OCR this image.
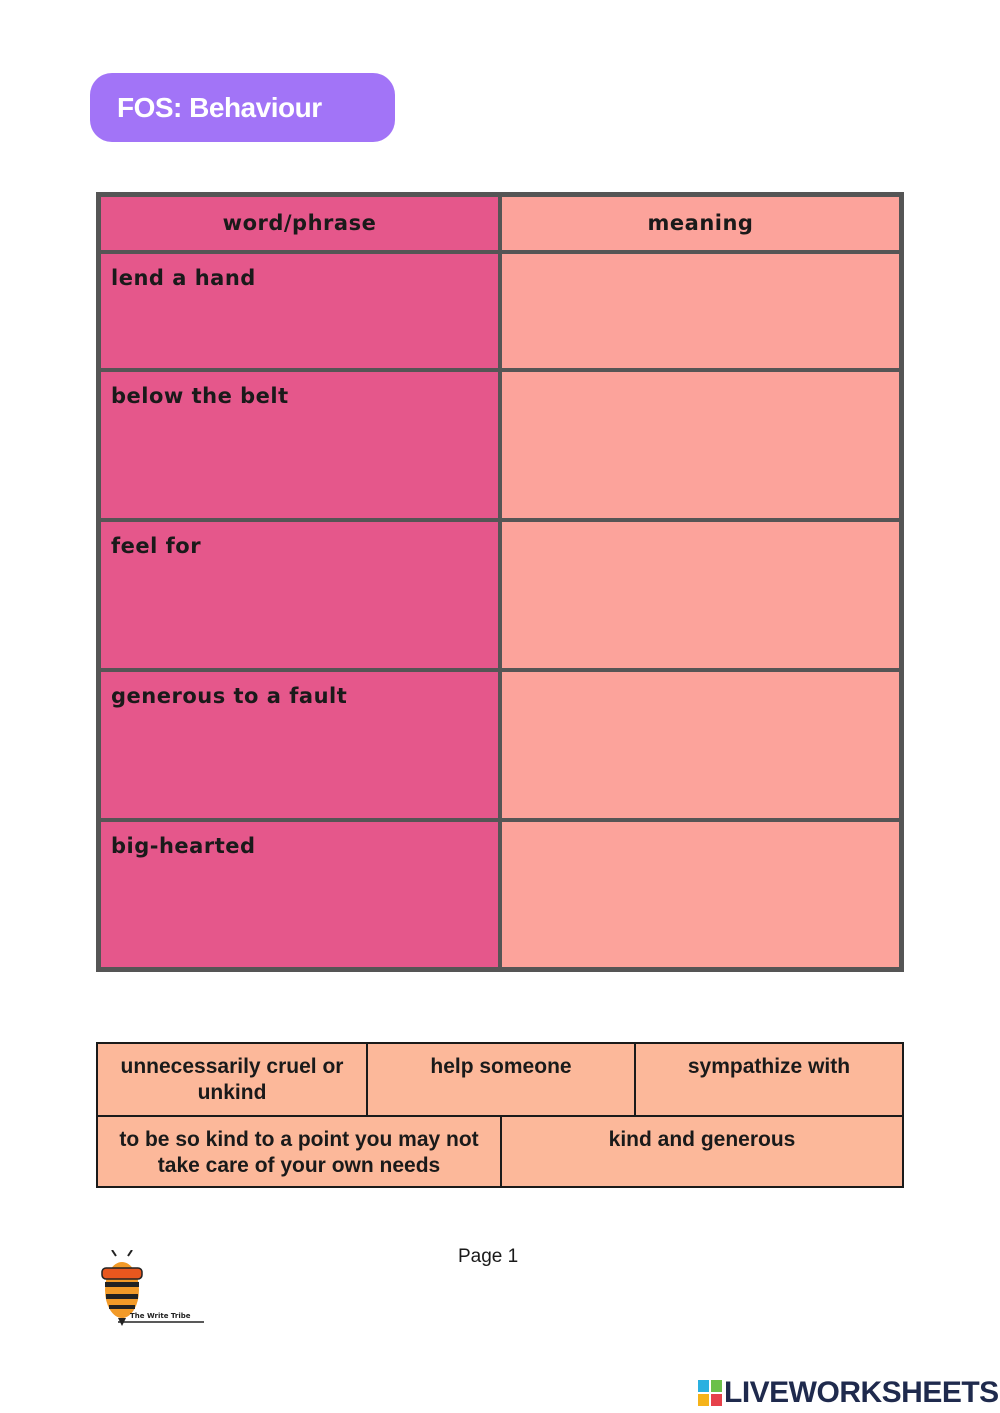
FOS: Behaviour
word/phrase	meaning
lend a hand	
below the belt	
feel for	
generous to a fault	
big-hearted	
unnecessarily cruel or unkind
help someone	sympathize with
to be so kind to a point you may not take care of your own needs
kind and generous
Page 1
The Write Tribe
LIVEWORKSHEETS
